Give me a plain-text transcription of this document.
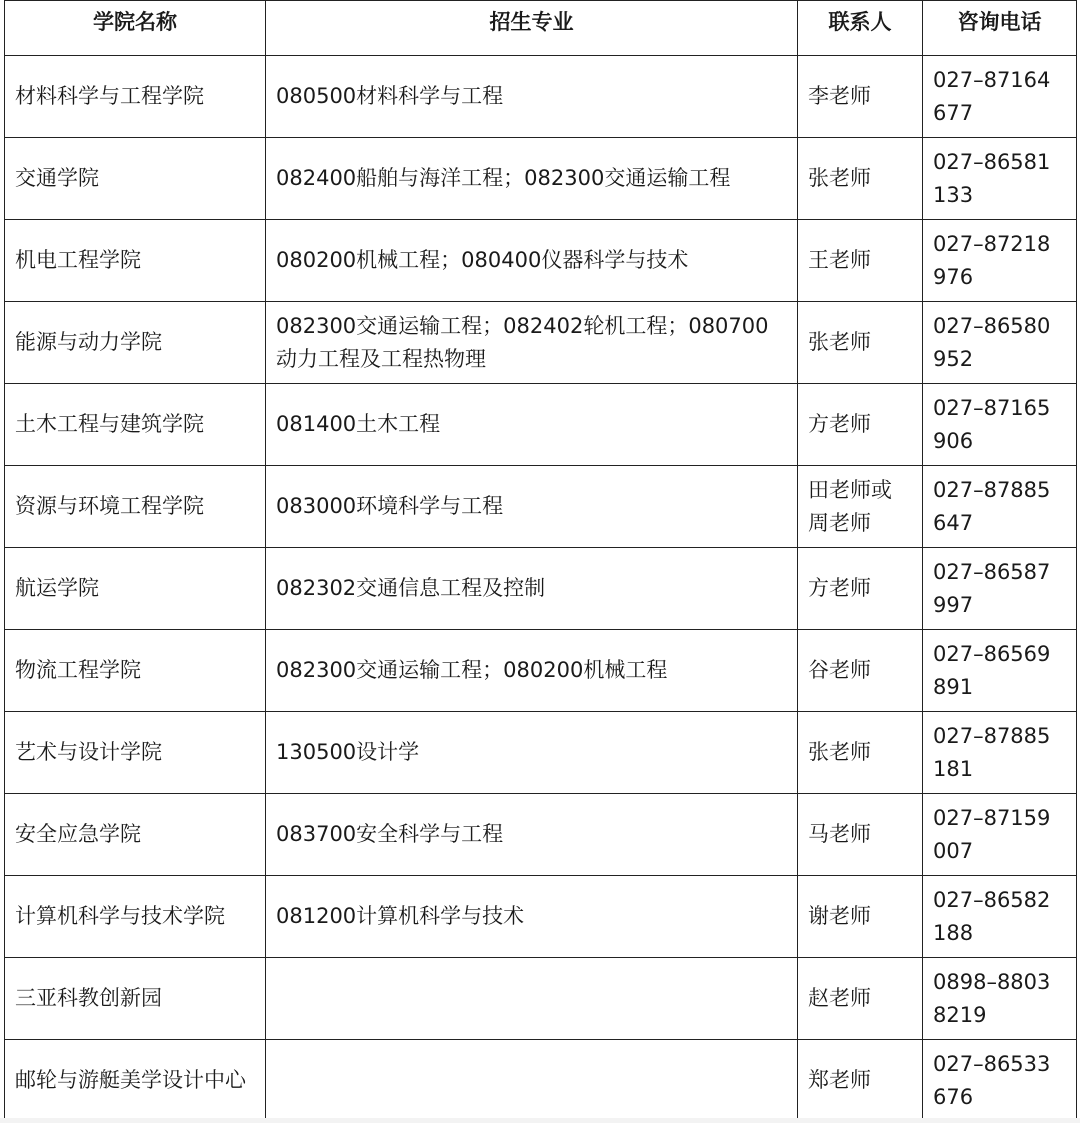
学院名称	招生专业	联系人	咨询电话
材料科学与工程学院	080500材料科学与工程	李老师	027–87164677

交通学院	082400船舶与海洋工程；082300交通运输工程	张老师	027–86581133

机电工程学院	080200机械工程；080400仪器科学与技术	王老师	027–87218976

能源与动力学院	082300交通运输工程；082402轮机工程；080700动力工程及工程热物理	张老师	027–86580952

土木工程与建筑学院	081400土木工程	方老师	027–87165906

资源与环境工程学院	083000环境科学与工程	田老师或周老师	027–87885647

航运学院	082302交通信息工程及控制	方老师	027–86587997

物流工程学院	082300交通运输工程；080200机械工程	谷老师	027–86569891

艺术与设计学院	130500设计学	张老师	027–87885181

安全应急学院	083700安全科学与工程	马老师	027–87159007

计算机科学与技术学院	081200计算机科学与技术	谢老师	027–86582188

三亚科教创新园		赵老师	0898–88038219

邮轮与游艇美学设计中心		郑老师	027–86533676
